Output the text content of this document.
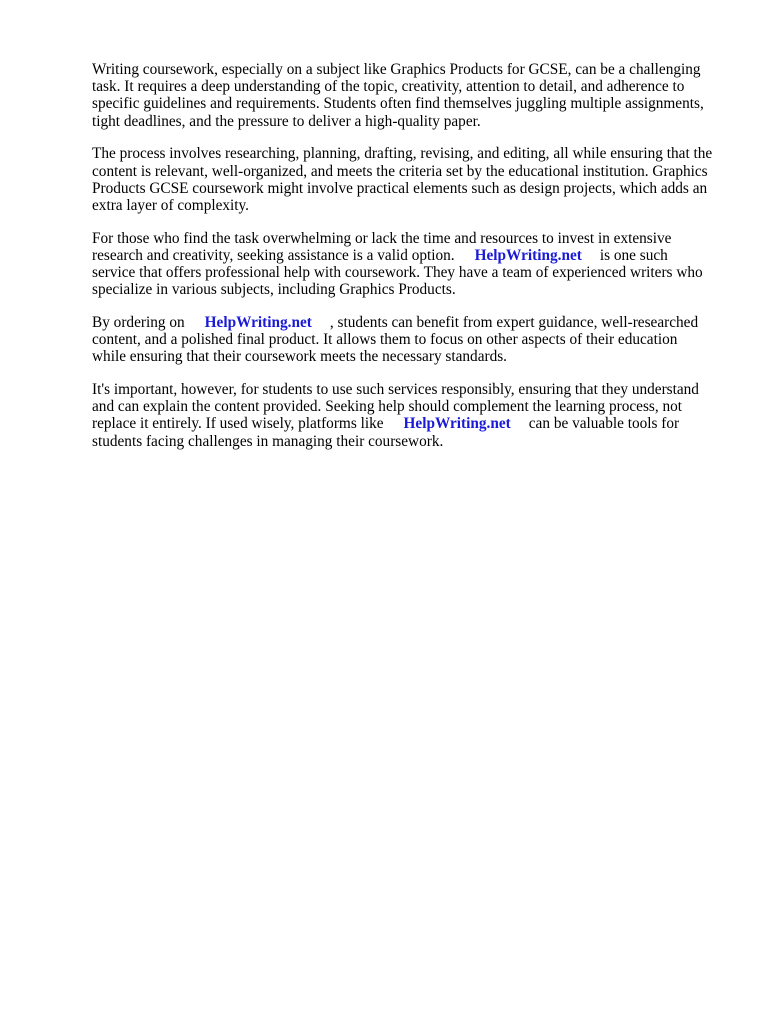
Writing coursework, especially on a subject like Graphics Products for GCSE, can be a challenging
task. It requires a deep understanding of the topic, creativity, attention to detail, and adherence to
specific guidelines and requirements. Students often find themselves juggling multiple assignments,
tight deadlines, and the pressure to deliver a high-quality paper.

The process involves researching, planning, drafting, revising, and editing, all while ensuring that the
content is relevant, well-organized, and meets the criteria set by the educational institution. Graphics
Products GCSE coursework might involve practical elements such as design projects, which adds an
extra layer of complexity.

For those who find the task overwhelming or lack the time and resources to invest in extensive
research and creativity, seeking assistance is a valid option. HelpWriting.net is one such
service that offers professional help with coursework. They have a team of experienced writers who
specialize in various subjects, including Graphics Products.

By ordering on HelpWriting.net , students can benefit from expert guidance, well-researched
content, and a polished final product. It allows them to focus on other aspects of their education
while ensuring that their coursework meets the necessary standards.

It's important, however, for students to use such services responsibly, ensuring that they understand
and can explain the content provided. Seeking help should complement the learning process, not
replace it entirely. If used wisely, platforms like HelpWriting.net can be valuable tools for
students facing challenges in managing their coursework.
